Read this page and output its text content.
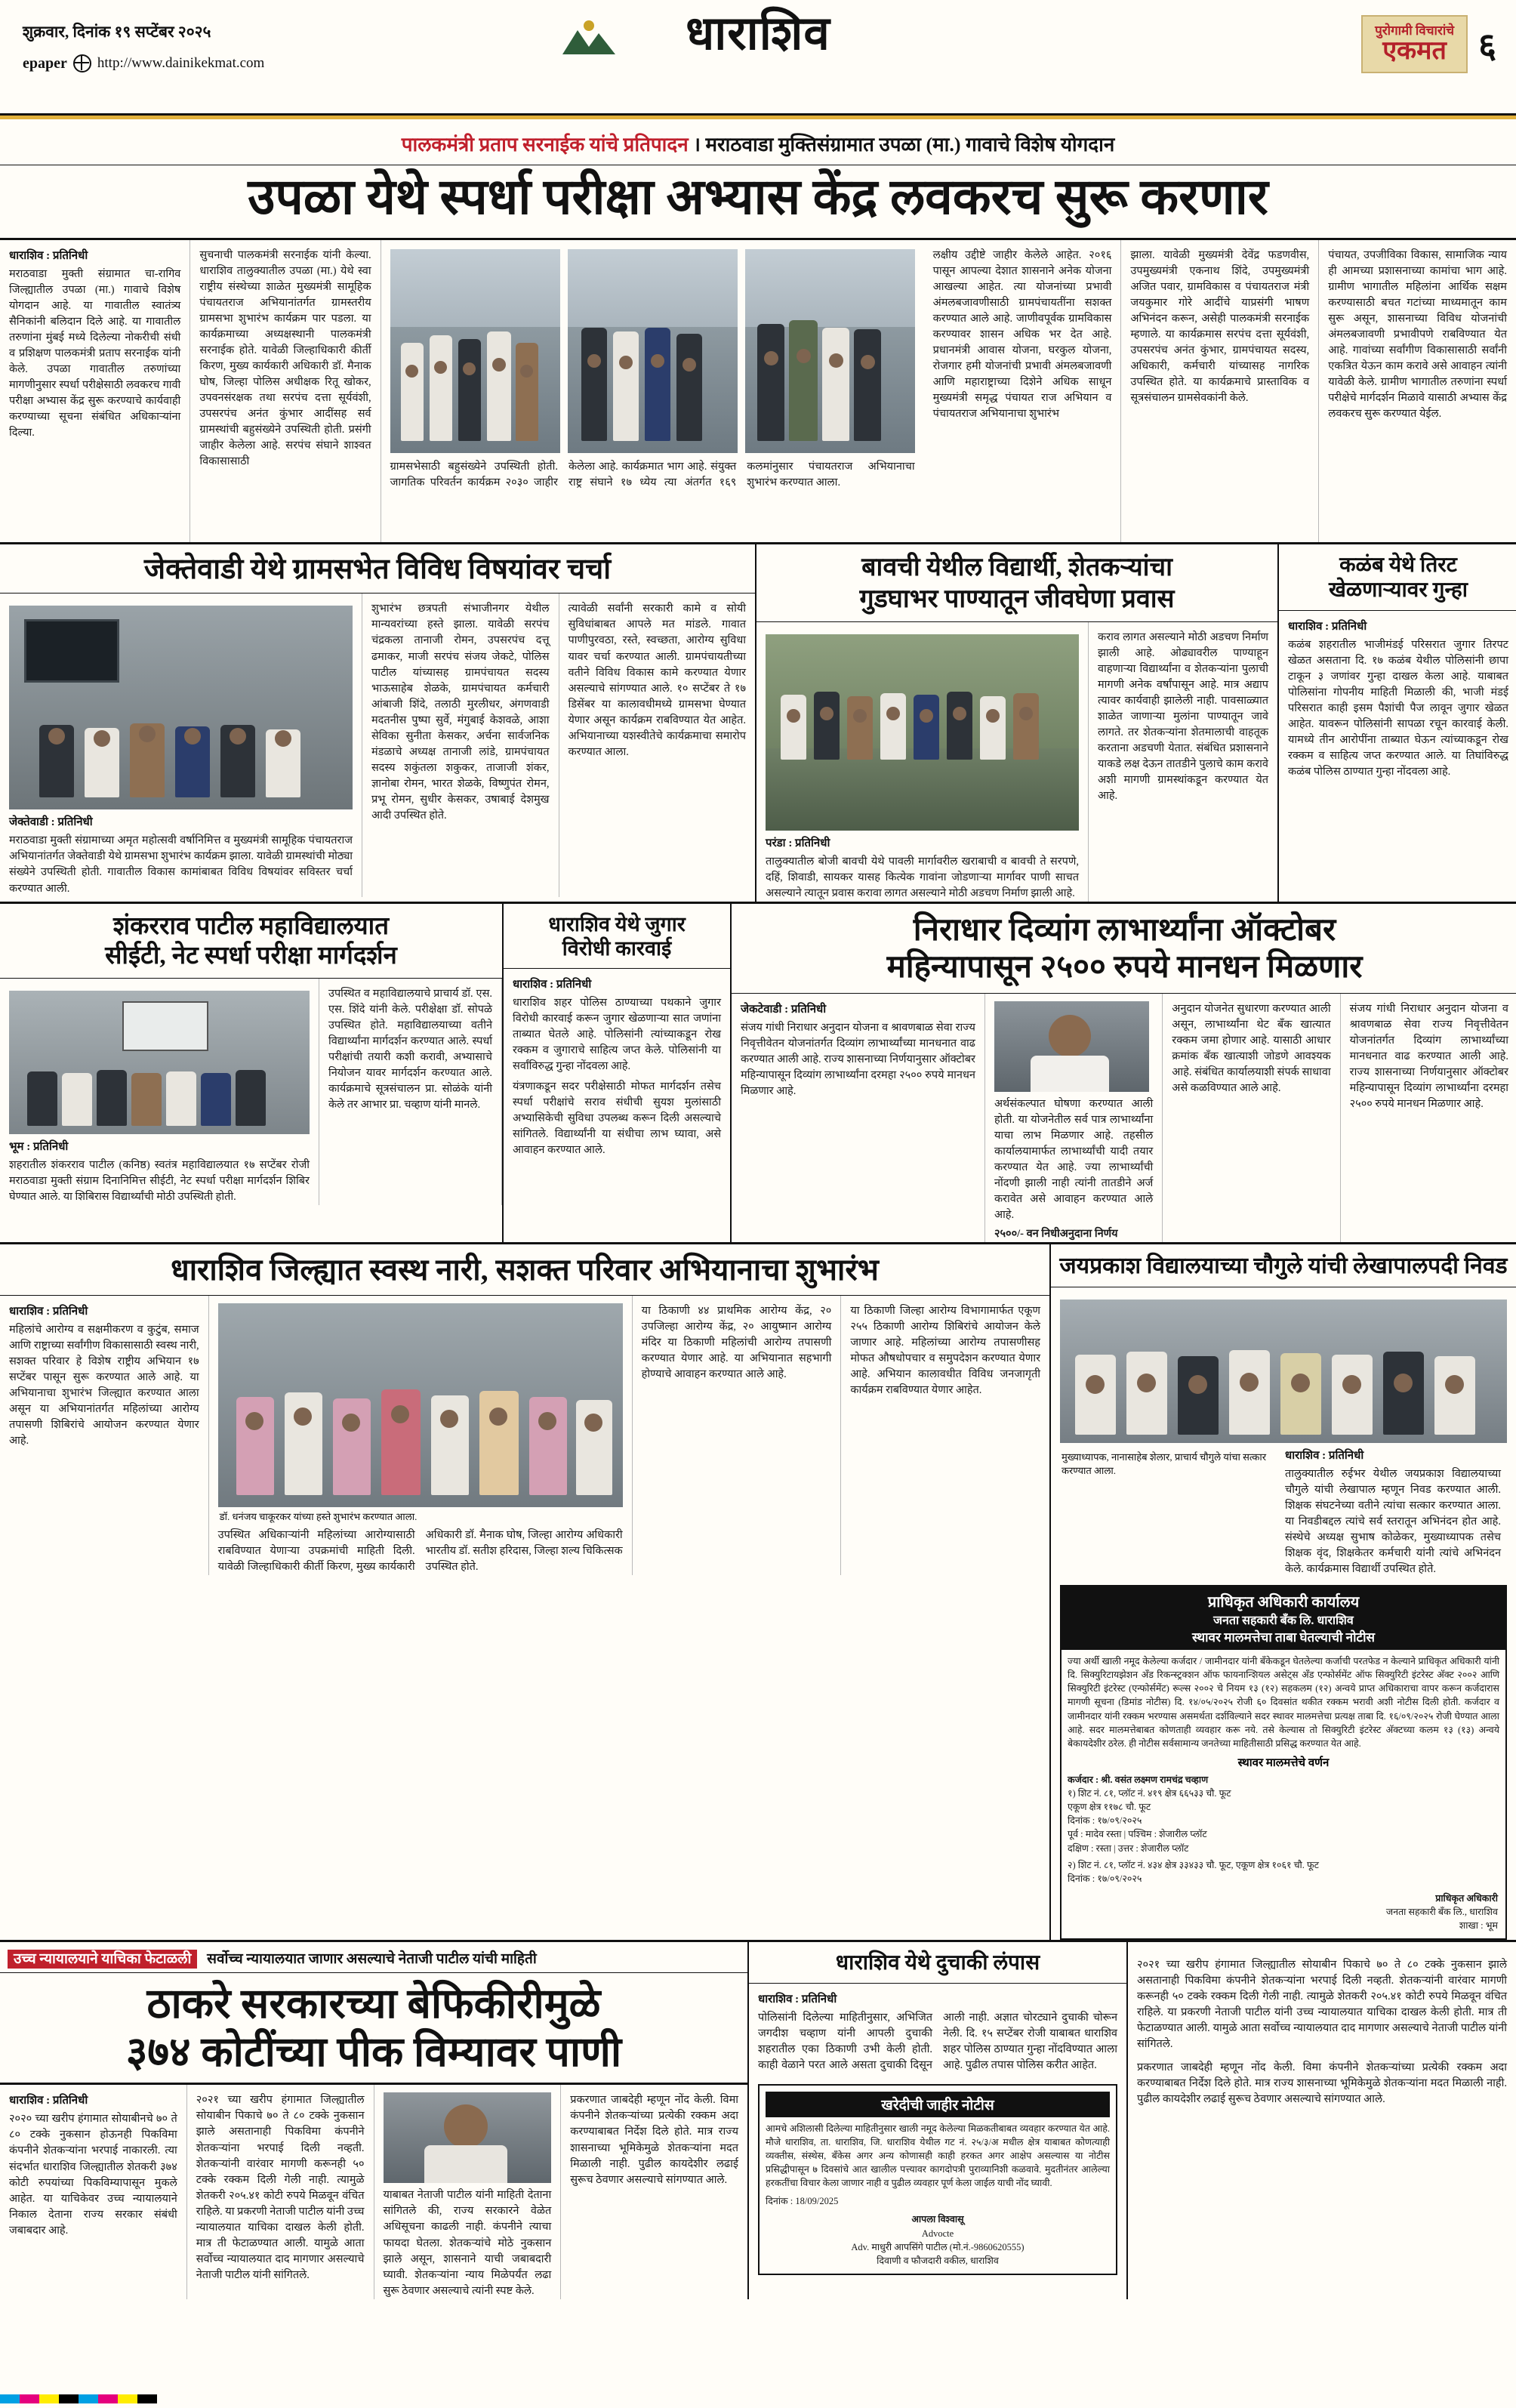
शुक्रवार, दिनांक १९ सप्टेंबर २०२५
epaper http://www.dainikekmat.com
धाराशिव	पुरोगामी विचारांचे
एकमत ६
पालकमंत्री प्रताप सरनाईक यांचे प्रतिपादन । मराठवाडा मुक्तिसंग्रामात उपळा (मा.) गावाचे विशेष योगदान
उपळा येथे स्पर्धा परीक्षा अभ्यास केंद्र लवकरच सुरू करणार
धाराशिव : प्रतिनिधी
मराठवाडा मुक्ती संग्रामात चा-रागिव जिल्ह्यातील उपळा (मा.) गावाचे विशेष योगदान आहे. या गावातील स्वातंत्र्य सैनिकांनी बलिदान दिले आहे. या गावातील तरुणांना मुंबई मध्ये दिलेल्या नोकरीची संधी व प्रशिक्षण पालकमंत्री प्रताप सरनाईक यांनी केले. उपळा गावातील तरुणांच्या मागणीनुसार स्पर्धा परीक्षेसाठी लवकरच गावी परीक्षा अभ्यास केंद्र सुरू करण्याचे कार्यवाही करण्याच्या सूचना संबंधित अधिकाऱ्यांना दिल्या.
सुचनाची पालकमंत्री सरनाईक यांनी केल्या. धाराशिव तालुक्यातील उपळा (मा.) येथे स्वा राष्ट्रीय संस्थेच्या शाळेत मुख्यमंत्री सामूहिक पंचायतराज अभियानांतर्गत ग्रामस्तरीय ग्रामसभा शुभारंभ कार्यक्रम पार पडला. या कार्यक्रमाच्या अध्यक्षस्थानी पालकमंत्री सरनाईक होते. यावेळी जिल्हाधिकारी कीर्ती किरण, मुख्य कार्यकारी अधिकारी डॉ. मैनाक घोष, जिल्हा पोलिस अधीक्षक रितू खोकर, उपवनसंरक्षक तथा सरपंच दत्ता सूर्यवंशी, उपसरपंच अनंत कुंभार आदींसह सर्व ग्रामस्थांची बहुसंख्येने उपस्थिती होती. प्रसंगी जाहीर केलेला आहे. सरपंच संघाने शाश्वत विकासासाठी	ग्रामसभेसाठी बहुसंख्येने उपस्थिती होती. जागतिक परिवर्तन कार्यक्रम २०३० जाहीर केलेला आहे. कार्यक्रमात भाग आहे. संयुक्त राष्ट्र संघाने १७ ध्येय त्या अंतर्गत १६९ कलमांनुसार पंचायतराज अभियानाचा शुभारंभ करण्यात आला.
लक्षीय उद्दीष्टे जाहीर केलेले आहेत. २०१६ पासून आपल्या देशात शासनाने अनेक योजना आखल्या आहेत. त्या योजनांच्या प्रभावी अंमलबजावणीसाठी ग्रामपंचायतींना सशक्त करण्यात आले आहे. जाणीवपूर्वक ग्रामविकास करण्यावर शासन अधिक भर देत आहे. प्रधानमंत्री आवास योजना, घरकुल योजना, रोजगार हमी योजनांची प्रभावी अंमलबजावणी आणि महाराष्ट्राच्या दिशेने अधिक साधून मुख्यमंत्री समृद्ध पंचायत राज अभियान व पंचायतराज अभियानाचा शुभारंभ
झाला. यावेळी मुख्यमंत्री देवेंद्र फडणवीस, उपमुख्यमंत्री एकनाथ शिंदे, उपमुख्यमंत्री अजित पवार, ग्रामविकास व पंचायतराज मंत्री जयकुमार गोरे आदींचे याप्रसंगी भाषण अभिनंदन करून, असेही पालकमंत्री सरनाईक म्हणाले. या कार्यक्रमास सरपंच दत्ता सूर्यवंशी, उपसरपंच अनंत कुंभार, ग्रामपंचायत सदस्य, अधिकारी, कर्मचारी यांच्यासह नागरिक उपस्थित होते. या कार्यक्रमाचे प्रास्ताविक व सूत्रसंचालन ग्रामसेवकांनी केले.
पंचायत, उपजीविका विकास, सामाजिक न्याय ही आमच्या प्रशासनाच्या कामांचा भाग आहे. ग्रामीण भागातील महिलांना आर्थिक सक्षम करण्यासाठी बचत गटांच्या माध्यमातून काम सुरू असून, शासनाच्या विविध योजनांची अंमलबजावणी प्रभावीपणे राबविण्यात येत आहे. गावांच्या सर्वांगीण विकासासाठी सर्वांनी एकत्रित येऊन काम करावे असे आवाहन त्यांनी यावेळी केले. ग्रामीण भागातील तरुणांना स्पर्धा परीक्षेचे मार्गदर्शन मिळावे यासाठी अभ्यास केंद्र लवकरच सुरू करण्यात येईल.
जेक्तेवाडी येथे ग्रामसभेत विविध विषयांवर चर्चा
जेक्तेवाडी : प्रतिनिधी
मराठवाडा मुक्ती संग्रामाच्या अमृत महोत्सवी वर्षानिमित्त व मुख्यमंत्री सामूहिक पंचायतराज अभियानांतर्गत जेक्तेवाडी येथे ग्रामसभा शुभारंभ कार्यक्रम झाला. यावेळी ग्रामस्थांची मोठ्या संख्येने उपस्थिती होती. गावातील विकास कामांबाबत विविध विषयांवर सविस्तर चर्चा करण्यात आली.
शुभारंभ छत्रपती संभाजीनगर येथील मान्यवरांच्या हस्ते झाला. यावेळी सरपंच चंद्रकला तानाजी रोमन, उपसरपंच दत्तू ढमाकर, माजी सरपंच संजय जेकटे, पोलिस पाटील यांच्यासह ग्रामपंचायत सदस्य भाऊसाहेब शेळके, ग्रामपंचायत कर्मचारी आंबाजी शिंदे, तलाठी मुरलीधर, अंगणवाडी मदतनीस पुष्पा सुर्वे, मंगुबाई केशवळे, आशा सेविका सुनीता केसकर, अर्चना सार्वजनिक मंडळाचे अध्यक्ष तानाजी लांडे, ग्रामपंचायत सदस्य शकुंतला शकुकर, ताजाजी शंकर, ज्ञानोबा रोमन, भारत शेळके, विष्णुपंत रोमन, प्रभू रोमन, सुधीर केसकर, उषाबाई देशमुख आदी उपस्थित होते.
त्यावेळी सर्वांनी सरकारी कामे व सोयी सुविधांबाबत आपले मत मांडले. गावात पाणीपुरवठा, रस्ते, स्वच्छता, आरोग्य सुविधा यावर चर्चा करण्यात आली. ग्रामपंचायतीच्या वतीने विविध विकास कामे करण्यात येणार असल्याचे सांगण्यात आले. १० सप्टेंबर ते १७ डिसेंबर या कालावधीमध्ये ग्रामसभा घेण्यात येणार असून कार्यक्रम राबविण्यात येत आहेत. अभियानाच्या यशस्वीतेचे कार्यक्रमाचा समारोप करण्यात आला.
बावची येथील विद्यार्थी, शेतकऱ्यांचा
गुडघाभर पाण्यातून जीवघेणा प्रवास
परंडा : प्रतिनिधी
तालुक्यातील बोजी बावची येथे पावली मार्गावरील खराबाची व बावची ते सरपणे, दहिं, शिवाडी, सायकर यासह कित्येक गावांना जोडणाऱ्या मार्गावर पाणी साचत असल्याने त्यातून प्रवास करावा लागत असल्याने मोठी अडचण निर्माण झाली आहे.
कराव लागत असल्याने मोठी अडचण निर्माण झाली आहे. ओढ्यावरील पाण्याहून वाहणाऱ्या विद्यार्थ्यांना व शेतकऱ्यांना पुलाची मागणी अनेक वर्षांपासून आहे. मात्र अद्याप त्यावर कार्यवाही झालेली नाही. पावसाळ्यात शाळेत जाणाऱ्या मुलांना पाण्यातून जावे लागते. तर शेतकऱ्यांना शेतमालाची वाहतूक करताना अडचणी येतात. संबंधित प्रशासनाने याकडे लक्ष देऊन तातडीने पुलाचे काम करावे अशी मागणी ग्रामस्थांकडून करण्यात येत आहे.
कळंब येथे तिरट
खेळणाऱ्यावर गुन्हा
धाराशिव : प्रतिनिधी
कळंब शहरातील भाजीमंडई परिसरात जुगार तिरपट खेळत असताना दि. १७ कळंब येथील पोलिसांनी छापा टाकून ३ जणांवर गुन्हा दाखल केला आहे. याबाबत पोलिसांना गोपनीय माहिती मिळाली की, भाजी मंडई परिसरात काही इसम पैशांची पैज लावून जुगार खेळत आहेत. यावरून पोलिसांनी सापळा रचून कारवाई केली. यामध्ये तीन आरोपींना ताब्यात घेऊन त्यांच्याकडून रोख रक्कम व साहित्य जप्त करण्यात आले. या तिघांविरुद्ध कळंब पोलिस ठाण्यात गुन्हा नोंदवला आहे.
शंकरराव पाटील महाविद्यालयात
सीईटी, नेट स्पर्धा परीक्षा मार्गदर्शन
भूम : प्रतिनिधी
शहरातील शंकरराव पाटील (कनिष्ठ) स्वतंत्र महाविद्यालयात १७ सप्टेंबर रोजी मराठवाडा मुक्ती संग्राम दिनानिमित्त सीईटी, नेट स्पर्धा परीक्षा मार्गदर्शन शिबिर घेण्यात आले. या शिबिरास विद्यार्थ्यांची मोठी उपस्थिती होती.
उपस्थित व महाविद्यालयाचे प्राचार्य डॉ. एस. एस. शिंदे यांनी केले. परीक्षेक्षा डॉ. सोपळे उपस्थित होते. महाविद्यालयाच्या वतीने विद्यार्थ्यांना मार्गदर्शन करण्यात आले. स्पर्धा परीक्षांची तयारी कशी करावी, अभ्यासाचे नियोजन यावर मार्गदर्शन करण्यात आले. कार्यक्रमाचे सूत्रसंचालन प्रा. सोळंके यांनी केले तर आभार प्रा. चव्हाण यांनी मानले.
धाराशिव येथे जुगार
विरोधी कारवाई
धाराशिव : प्रतिनिधी
धाराशिव शहर पोलिस ठाण्याच्या पथकाने जुगार विरोधी कारवाई करून जुगार खेळणाऱ्या सात जणांना ताब्यात घेतले आहे. पोलिसांनी त्यांच्याकडून रोख रक्कम व जुगाराचे साहित्य जप्त केले. पोलिसांनी या सर्वांविरुद्ध गुन्हा नोंदवला आहे.
यंत्रणाकडून सदर परीक्षेसाठी मोफत मार्गदर्शन तसेच स्पर्धा परीक्षांचे सराव संधीची सुयश मुलांसाठी अभ्यासिकेची सुविधा उपलब्ध करून दिली असल्याचे सांगितले. विद्यार्थ्यांनी या संधीचा लाभ घ्यावा, असे आवाहन करण्यात आले.
निराधार दिव्यांग लाभार्थ्यांना ऑक्टोबर
महिन्यापासून २५०० रुपये मानधन मिळणार
जेकटेवाडी : प्रतिनिधी
संजय गांधी निराधार अनुदान योजना व श्रावणबाळ सेवा राज्य निवृत्तीवेतन योजनांतर्गत दिव्यांग लाभार्थ्यांच्या मानधनात वाढ करण्यात आली आहे. राज्य शासनाच्या निर्णयानुसार ऑक्टोबर महिन्यापासून दिव्यांग लाभार्थ्यांना दरमहा २५०० रुपये मानधन मिळणार आहे.
अर्थसंकल्पात घोषणा करण्यात आली होती. या योजनेतील सर्व पात्र लाभार्थ्यांना याचा लाभ मिळणार आहे. तहसील कार्यालयामार्फत लाभार्थ्यांची यादी तयार करण्यात येत आहे. ज्या लाभार्थ्यांची नोंदणी झाली नाही त्यांनी तातडीने अर्ज करावेत असे आवाहन करण्यात आले आहे.
२५००/- वन निधीअनुदाना निर्णय
अनुदान योजनेत सुधारणा करण्यात आली असून, लाभार्थ्यांना थेट बँक खात्यात रक्कम जमा होणार आहे. यासाठी आधार क्रमांक बँक खात्याशी जोडणे आवश्यक आहे. संबंधित कार्यालयाशी संपर्क साधावा असे कळविण्यात आले आहे.
संजय गांधी निराधार अनुदान योजना व श्रावणबाळ सेवा राज्य निवृत्तीवेतन योजनांतर्गत दिव्यांग लाभार्थ्यांच्या मानधनात वाढ करण्यात आली आहे. राज्य शासनाच्या निर्णयानुसार ऑक्टोबर महिन्यापासून दिव्यांग लाभार्थ्यांना दरमहा २५०० रुपये मानधन मिळणार आहे.
धाराशिव जिल्ह्यात स्वस्थ नारी, सशक्त परिवार अभियानाचा शुभारंभ
धाराशिव : प्रतिनिधी
महिलांचे आरोग्य व सक्षमीकरण व कुटुंब, समाज आणि राष्ट्राच्या सर्वांगीण विकासासाठी स्वस्थ नारी, सशक्त परिवार हे विशेष राष्ट्रीय अभियान १७ सप्टेंबर पासून सुरू करण्यात आले आहे. या अभियानाचा शुभारंभ जिल्ह्यात करण्यात आला असून या अभियानांतर्गत महिलांच्या आरोग्य तपासणी शिबिरांचे आयोजन करण्यात येणार आहे.
डॉ. धनंजय चाकूरकर यांच्या हस्ते शुभारंभ करण्यात आला.
उपस्थित अधिकाऱ्यांनी महिलांच्या आरोग्यासाठी राबविण्यात येणाऱ्या उपक्रमांची माहिती दिली. यावेळी जिल्हाधिकारी कीर्ती किरण, मुख्य कार्यकारी अधिकारी डॉ. मैनाक घोष, जिल्हा आरोग्य अधिकारी भारतीय डॉ. सतीश हरिदास, जिल्हा शल्य चिकित्सक उपस्थित होते.
या ठिकाणी ४४ प्राथमिक आरोग्य केंद्र, २० उपजिल्हा आरोग्य केंद्र, २० आयुष्मान आरोग्य मंदिर या ठिकाणी महिलांची आरोग्य तपासणी करण्यात येणार आहे. या अभियानात सहभागी होण्याचे आवाहन करण्यात आले आहे.
या ठिकाणी जिल्हा आरोग्य विभागामार्फत एकूण २५५ ठिकाणी आरोग्य शिबिरांचे आयोजन केले जाणार आहे. महिलांच्या आरोग्य तपासणीसह मोफत औषधोपचार व समुपदेशन करण्यात येणार आहे. अभियान कालावधीत विविध जनजागृती कार्यक्रम राबविण्यात येणार आहेत.
जयप्रकाश विद्यालयाच्या चौगुले यांची लेखापालपदी निवड
मुख्याध्यापक, नानासाहेब शेलार, प्राचार्य चौगुले यांचा सत्कार करण्यात आला.
धाराशिव : प्रतिनिधी
तालुक्यातील रुईभर येथील जयप्रकाश विद्यालयाच्या चौगुले यांची लेखापाल म्हणून निवड करण्यात आली. शिक्षक संघटनेच्या वतीने त्यांचा सत्कार करण्यात आला. या निवडीबद्दल त्यांचे सर्व स्तरातून अभिनंदन होत आहे. संस्थेचे अध्यक्ष सुभाष कोळेकर, मुख्याध्यापक तसेच शिक्षक वृंद, शिक्षकेतर कर्मचारी यांनी त्यांचे अभिनंदन केले. कार्यक्रमास विद्यार्थी उपस्थित होते.
प्राधिकृत अधिकारी कार्यालय
जनता सहकारी बँक लि. धाराशिव
स्थावर मालमत्तेचा ताबा घेतल्याची नोटीस
ज्या अर्थी खाली नमूद केलेल्या कर्जदार / जामीनदार यांनी बँकेकडून घेतलेल्या कर्जाची परतफेड न केल्याने प्राधिकृत अधिकारी यांनी दि. सिक्युरिटायझेशन अँड रिकन्स्ट्रक्शन ऑफ फायनान्शियल असेट्स अँड एन्फोर्समेंट ऑफ सिक्युरिटी इंटरेस्ट अ‍ॅक्ट २००२ आणि सिक्युरिटी इंटरेस्ट (एन्फोर्समेंट) रूल्स २००२ चे नियम १३ (१२) सहकलम (१२) अन्वये प्राप्त अधिकाराचा वापर करून कर्जदारास मागणी सूचना (डिमांड नोटीस) दि. १४/०५/२०२५ रोजी ६० दिवसांत थकीत रक्कम भरावी अशी नोटीस दिली होती. कर्जदार व जामीनदार यांनी रक्कम भरण्यास असमर्थता दर्शविल्याने सदर स्थावर मालमत्तेचा प्रत्यक्ष ताबा दि. १६/०९/२०२५ रोजी घेण्यात आला आहे. सदर मालमत्तेबाबत कोणताही व्यवहार करू नये. तसे केल्यास तो सिक्युरिटी इंटरेस्ट अ‍ॅक्टच्या कलम १३ (१३) अन्वये बेकायदेशीर ठरेल. ही नोटीस सर्वसामान्य जनतेच्या माहितीसाठी प्रसिद्ध करण्यात येत आहे.
स्थावर मालमत्तेचे वर्णन
कर्जदार : श्री. वसंत लक्ष्मण रामचंद्र चव्हाण
१) शिट नं. ८१, प्लॉट नं. ४१९ क्षेत्र ६६५३३ चौ. फूट
एकूण क्षेत्र ११७८ चौ. फूट
दिनांक : १७/०९/२०२५
पूर्व : मादेव रस्ता | पश्चिम : शेजारील प्लॉट
दक्षिण : रस्ता | उत्तर : शेजारील प्लॉट
२) शिट नं. ८१, प्लॉट नं. ४३४ क्षेत्र ३३४३३ चौ. फूट, एकूण क्षेत्र १०६१ चौ. फूट
दिनांक : १७/०९/२०२५
प्राधिकृत अधिकारी
जनता सहकारी बँक लि., धाराशिव
शाखा : भूम
उच्च न्यायालयाने याचिका फेटाळली सर्वोच्च न्यायालयात जाणार असल्याचे नेताजी पाटील यांची माहिती
ठाकरे सरकारच्या बेफिकीरीमुळे
३७४ कोटींच्या पीक विम्यावर पाणी
धाराशिव : प्रतिनिधी
२०२० च्या खरीप हंगामात सोयाबीनचे ७० ते ८० टक्के नुकसान होऊनही पिकविमा कंपनीने शेतकऱ्यांना भरपाई नाकारली. त्या संदर्भात धाराशिव जिल्ह्यातील शेतकरी ३७४ कोटी रुपयांच्या पिकविम्यापासून मुकले आहेत. या याचिकेवर उच्च न्यायालयाने निकाल देताना राज्य सरकार संबंधी जबाबदार आहे.
२०२१ च्या खरीप हंगामात जिल्ह्यातील सोयाबीन पिकाचे ७० ते ८० टक्के नुकसान झाले असतानाही पिकविमा कंपनीने शेतकऱ्यांना भरपाई दिली नव्हती. शेतकऱ्यांनी वारंवार मागणी करूनही ५० टक्के रक्कम दिली गेली नाही. त्यामुळे शेतकरी २०५.४१ कोटी रुपये मिळवून वंचित राहिले. या प्रकरणी नेताजी पाटील यांनी उच्च न्यायालयात याचिका दाखल केली होती. मात्र ती फेटाळण्यात आली. यामुळे आता सर्वोच्च न्यायालयात दाद मागणार असल्याचे नेताजी पाटील यांनी सांगितले.
याबाबत नेताजी पाटील यांनी माहिती देताना सांगितले की, राज्य सरकारने वेळेत अधिसूचना काढली नाही. कंपनीने त्याचा फायदा घेतला. शेतकऱ्यांचे मोठे नुकसान झाले असून, शासनाने याची जबाबदारी घ्यावी. शेतकऱ्यांना न्याय मिळेपर्यंत लढा सुरू ठेवणार असल्याचे त्यांनी स्पष्ट केले.
प्रकरणात जाबदेही म्हणून नोंद केली. विमा कंपनीने शेतकऱ्यांच्या प्रत्येकी रक्कम अदा करण्याबाबत निर्देश दिले होते. मात्र राज्य शासनाच्या भूमिकेमुळे शेतकऱ्यांना मदत मिळाली नाही. पुढील कायदेशीर लढाई सुरूच ठेवणार असल्याचे सांगण्यात आले.
धाराशिव येथे दुचाकी लंपास
धाराशिव : प्रतिनिधी
पोलिसांनी दिलेल्या माहितीनुसार, अभिजित जगदीश चव्हाण यांनी आपली दुचाकी शहरातील एका ठिकाणी उभी केली होती. काही वेळाने परत आले असता दुचाकी दिसून आली नाही. अज्ञात चोरट्याने दुचाकी चोरून नेली. दि. १५ सप्टेंबर रोजी याबाबत धाराशिव शहर पोलिस ठाण्यात गुन्हा नोंदविण्यात आला आहे. पुढील तपास पोलिस करीत आहेत.
खरेदीची जाहीर नोटीस
आमचे अशिलासी दिलेल्या माहितीनुसार खाली नमूद केलेल्या मिळकतीबाबत व्यवहार करण्यात येत आहे. मौजे धाराशिव, ता. धाराशिव, जि. धाराशिव येथील गट नं. २५/३/अ मधील क्षेत्र याबाबत कोणत्याही व्यक्तीस, संस्थेस, बँकेस अगर अन्य कोणासही काही हरकत अगर आक्षेप असल्यास या नोटीस प्रसिद्धीपासून ७ दिवसांचे आत खालील पत्त्यावर कागदोपत्री पुराव्यानिशी कळवावे. मुदतीनंतर आलेल्या हरकतींचा विचार केला जाणार नाही व पुढील व्यवहार पूर्ण केला जाईल याची नोंद घ्यावी.
दिनांक : 18/09/2025
आपला विश्वासू
Advocte
Adv. माधुरी आपसिंगे पाटील (मो.नं.-9860620555)
दिवाणी व फौजदारी वकील, धाराशिव
२०२१ च्या खरीप हंगामात जिल्ह्यातील सोयाबीन पिकाचे ७० ते ८० टक्के नुकसान झाले असतानाही पिकविमा कंपनीने शेतकऱ्यांना भरपाई दिली नव्हती. शेतकऱ्यांनी वारंवार मागणी करूनही ५० टक्के रक्कम दिली गेली नाही. त्यामुळे शेतकरी २०५.४१ कोटी रुपये मिळवून वंचित राहिले. या प्रकरणी नेताजी पाटील यांनी उच्च न्यायालयात याचिका दाखल केली होती. मात्र ती फेटाळण्यात आली. यामुळे आता सर्वोच्च न्यायालयात दाद मागणार असल्याचे नेताजी पाटील यांनी सांगितले.
प्रकरणात जाबदेही म्हणून नोंद केली. विमा कंपनीने शेतकऱ्यांच्या प्रत्येकी रक्कम अदा करण्याबाबत निर्देश दिले होते. मात्र राज्य शासनाच्या भूमिकेमुळे शेतकऱ्यांना मदत मिळाली नाही. पुढील कायदेशीर लढाई सुरूच ठेवणार असल्याचे सांगण्यात आले.
